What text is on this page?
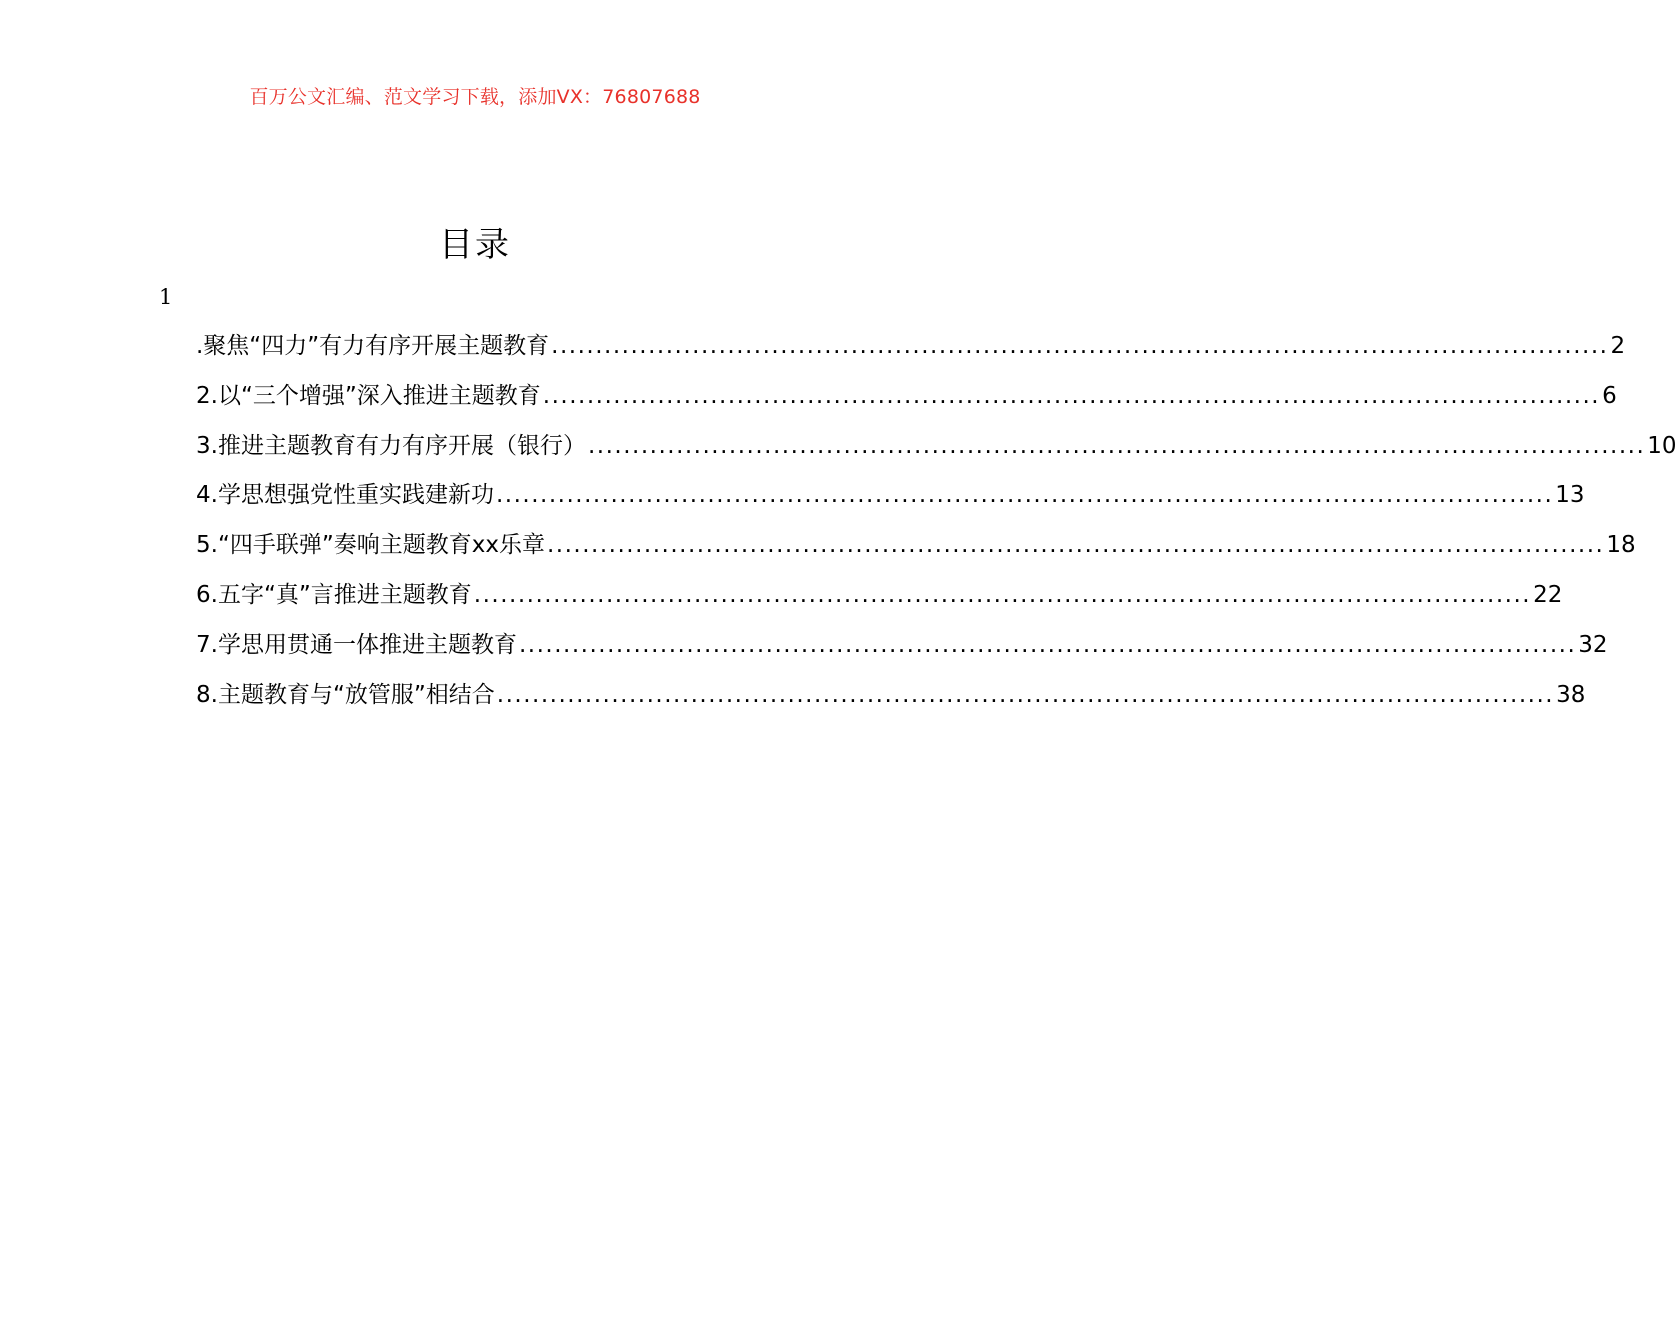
百万公文汇编、范文学习下载，添加VX：76807688
目录
1
.聚焦“四力”有力有序开展主题教育 ........................................................................................................................ 2
2.以“三个增强”深入推进主题教育 ........................................................................................................................ 6
3.推进主题教育有力有序开展（银行） ........................................................................................................................ 10
4.学思想强党性重实践建新功 ........................................................................................................................ 13
5.“四手联弹”奏响主题教育xx乐章 ........................................................................................................................ 18
6.五字“真”言推进主题教育 ........................................................................................................................ 22
7.学思用贯通一体推进主题教育 ........................................................................................................................ 32
8.主题教育与“放管服”相结合 ........................................................................................................................ 38
